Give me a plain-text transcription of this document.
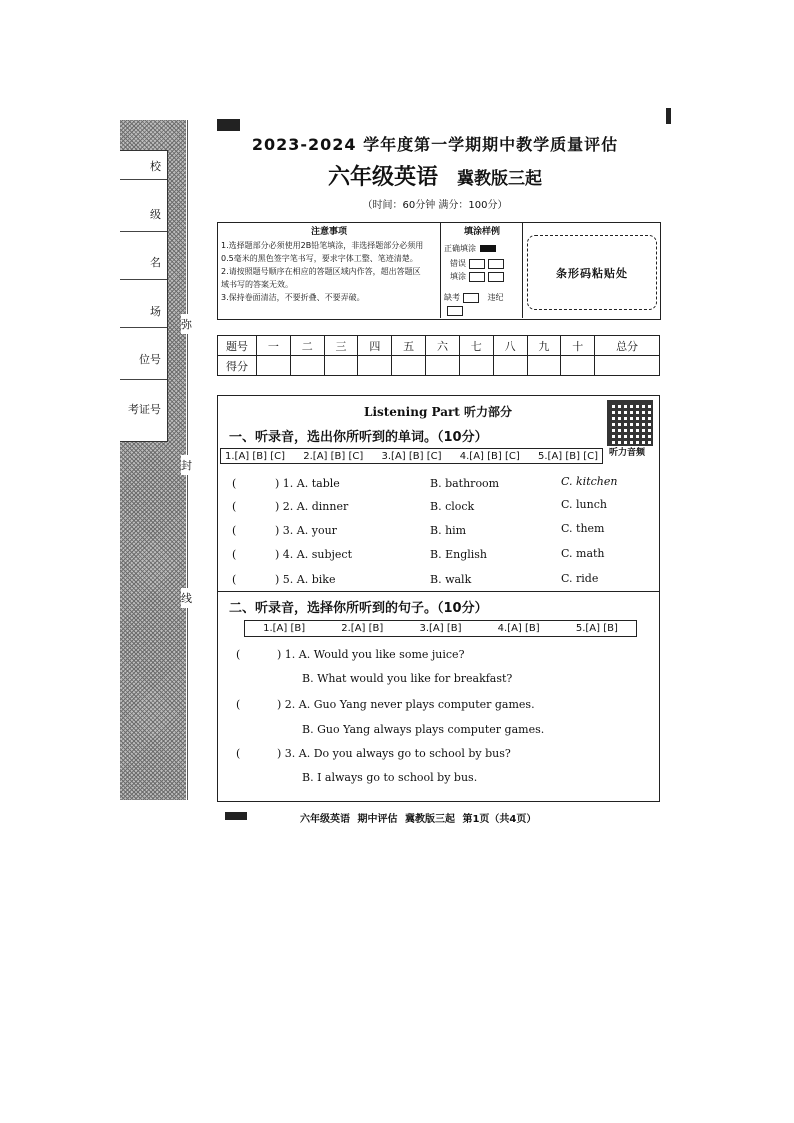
校
级
名
场
位号
考证号
弥
封
线
2023-2024 学年度第一学期期中教学质量评估
六年级英语 冀教版三起
（时间：60分钟 满分：100分）
注意事项
1.选择题部分必须使用2B铅笔填涂，非选择题部分必须用
0.5毫米的黑色签字笔书写，要求字体工整、笔迹清楚。
2.请按照题号顺序在相应的答题区域内作答，超出答题区
域书写的答案无效。
3.保持卷面清洁，不要折叠、不要弄破。
填涂样例
正确填涂
错误
填涂
缺考	违纪
条形码粘贴处
题号	一	二	三	四	五	六	七	八	九	十	总分
得分											
Listening Part 听力部分
听力音频
一、听录音，选出你所听到的单词。（10分）
1.[A] [B] [C] 2.[A] [B] [C] 3.[A] [B] [C] 4.[A] [B] [C] 5.[A] [B] [C]
(	) 1. A. table	B. bathroom	C. kitchen
(	) 2. A. dinner	B. clock	C. lunch
(	) 3. A. your	B. him	C. them
(	) 4. A. subject	B. English	C. math
(	) 5. A. bike	B. walk	C. ride
二、听录音，选择你所听到的句子。（10分）
1.[A] [B]	2.[A] [B]	3.[A] [B]	4.[A] [B]	5.[A] [B]
(	) 1. A. Would you like some juice?
B. What would you like for breakfast?
(	) 2. A. Guo Yang never plays computer games.
B. Guo Yang always plays computer games.
(	) 3. A. Do you always go to school by bus?
B. I always go to school by bus.
六年级英语 期中评估 冀教版三起 第1页（共4页）
